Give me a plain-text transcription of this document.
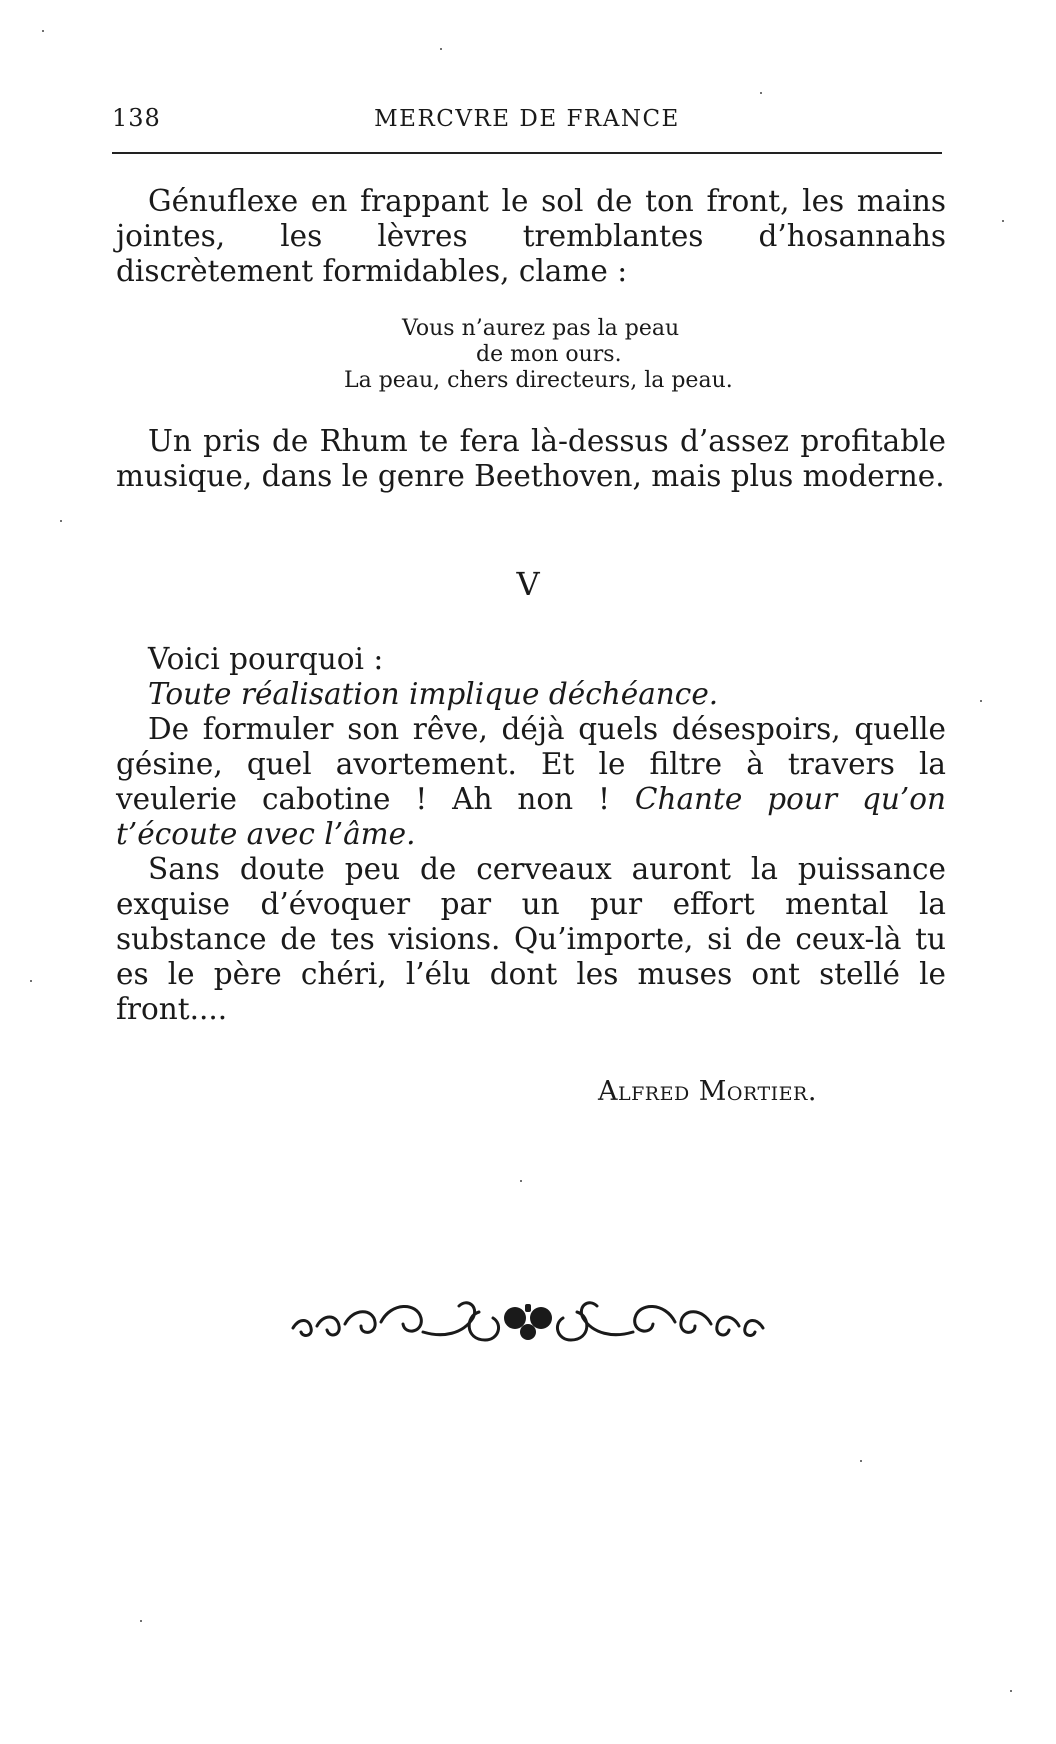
138	MERCVRE DE FRANCE

Génuflexe en frappant le sol de ton front, les mains jointes, les lèvres tremblantes d’hosannahs discrètement formidables, clame :

Vous n’aurez pas la peau
de mon ours.
La peau, chers directeurs, la peau.

Un pris de Rhum te fera là-dessus d’assez profitable musique, dans le genre Beethoven, mais plus moderne.

V

Voici pourquoi :

Toute réalisation implique déchéance.

De formuler son rêve, déjà quels désespoirs, quelle gésine, quel avortement. Et le filtre à travers la veulerie cabotine ! Ah non ! Chante pour qu’on t’écoute avec l’âme.

Sans doute peu de cerveaux auront la puissance exquise d’évoquer par un pur effort mental la substance de tes visions. Qu’importe, si de ceux-là tu es le père chéri, l’élu dont les muses ont stellé le front....

Alfred Mortier.
